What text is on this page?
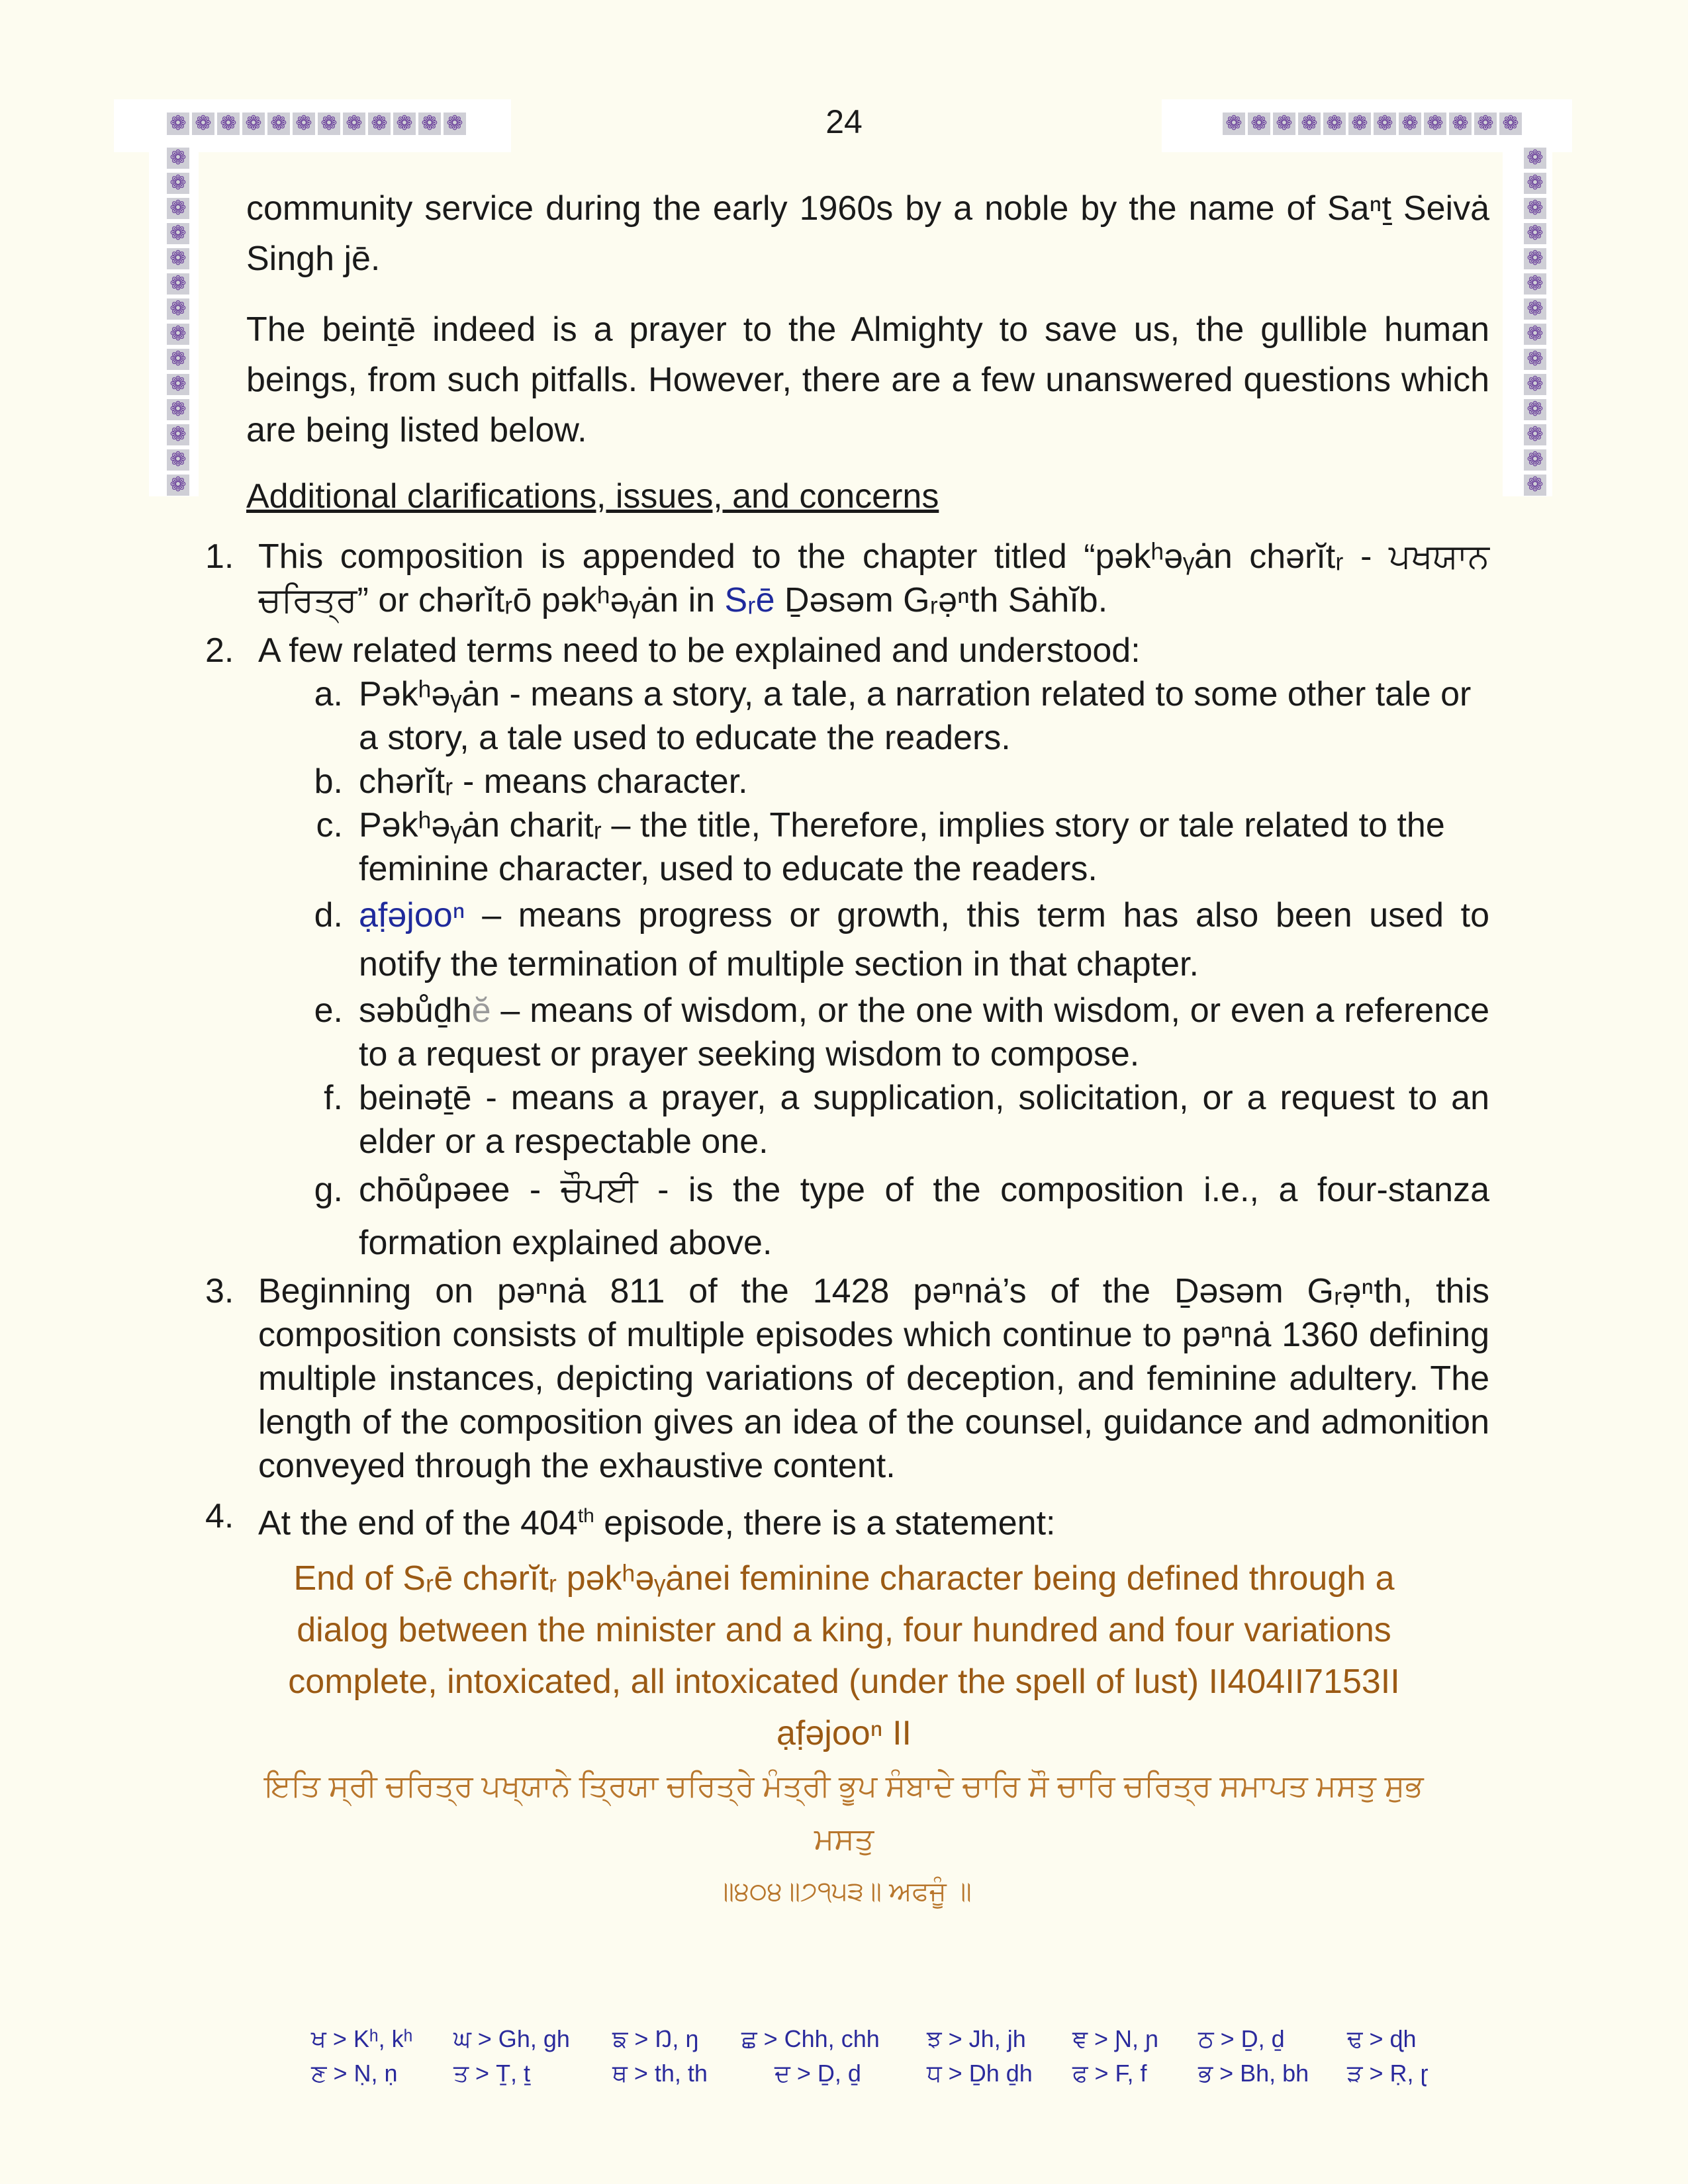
❁ ❁ ❁ ❁ ❁ ❁ ❁ ❁ ❁ ❁ ❁ ❁	❁ ❁ ❁ ❁ ❁ ❁ ❁ ❁ ❁ ❁ ❁ ❁
❁
❁
❁
❁
❁
❁
❁
❁
❁
❁
❁
❁
❁
❁
❁
❁
❁
❁
❁
❁
❁
❁
❁
❁
❁
❁
❁
❁
24

community service during the early 1960s by a noble by the name of Saⁿṯ Seivȧ Singh jē.

The beinṯē indeed is a prayer to the Almighty to save us, the gullible human beings, from such pitfalls. However, there are a few unanswered questions which are being listed below.

Additional clarifications, issues, and concerns
1. This composition is appended to the chapter titled “pəkʰəᵧȧn chərĭtᵣ - ਪਖਯਾਨ ਚਰਿਤ੍ਰ” or chərĭtᵣō pəkʰəᵧȧn in Sᵣē Ḏəsəm Gᵣə̣ⁿth Sȧhĭb.
2. A few related terms need to be explained and understood:
a. Pəkʰəᵧȧn - means a story, a tale, a narration related to some other tale or a story, a tale used to educate the readers.
b. chərĭtᵣ - means character.
c. Pəkʰəᵧȧn charitᵣ – the title, Therefore, implies story or tale related to the feminine character, used to educate the readers.
d. ạf̣əjooⁿ – means progress or growth, this term has also been used to notify the termination of multiple section in that chapter.
e. səbůḏhĕ – means of wisdom, or the one with wisdom, or even a reference to a request or prayer seeking wisdom to compose.
f. beinəṯē - means a prayer, a supplication, solicitation, or a request to an elder or a respectable one.
g. chōůpəee - ਚੌਪਈ - is the type of the composition i.e., a four-stanza formation explained above.
3. Beginning on pəⁿnȧ 811 of the 1428 pəⁿnȧ’s of the Ḏəsəm Gᵣə̣ⁿth, this composition consists of multiple episodes which continue to pəⁿnȧ 1360 defining multiple instances, depicting variations of deception, and feminine adultery. The length of the composition gives an idea of the counsel, guidance and admonition conveyed through the exhaustive content.
4. At the end of the 404th episode, there is a statement:
End of Sᵣē chərĭtᵣ pəkʰəᵧȧnei feminine character being defined through a
dialog between the minister and a king, four hundred and four variations
complete, intoxicated, all intoxicated (under the spell of lust) II404II7153II
ạf̣əjooⁿ II
ਇਤਿ ਸ੍ਰੀ ਚਰਿਤ੍ਰ ਪਖ੍ਯਾਨੇ ਤ੍ਰਿਯਾ ਚਰਿਤ੍ਰੇ ਮੰਤ੍ਰੀ ਭੂਪ ਸੰਬਾਦੇ ਚਾਰਿ ਸੌ ਚਾਰਿ ਚਰਿਤ੍ਰ ਸਮਾਪਤ ਮਸਤੁ ਸੁਭ ਮਸਤੁ
॥੪੦੪॥੭੧੫੩॥ ਅਫਜੂੰ ॥
ਖ > Kʰ, kʰ ਘ > Gh, gh ਙ > Ŋ, ŋ ਛ > Chh, chh ਝ > Jh, jh ਞ > Ɲ, ɲ ਠ > Ḏ, ḏ	ਢ > ɖh
ਣ > Ṇ, ṇ ਤ > Ṯ, ṯ	ਥ > th, th	ਦ > Ḏ, ḏ	ਧ > Ḏh ḏh ਫ > F, f ਭ > Bh, bh ੜ > Ṛ, ɽ
